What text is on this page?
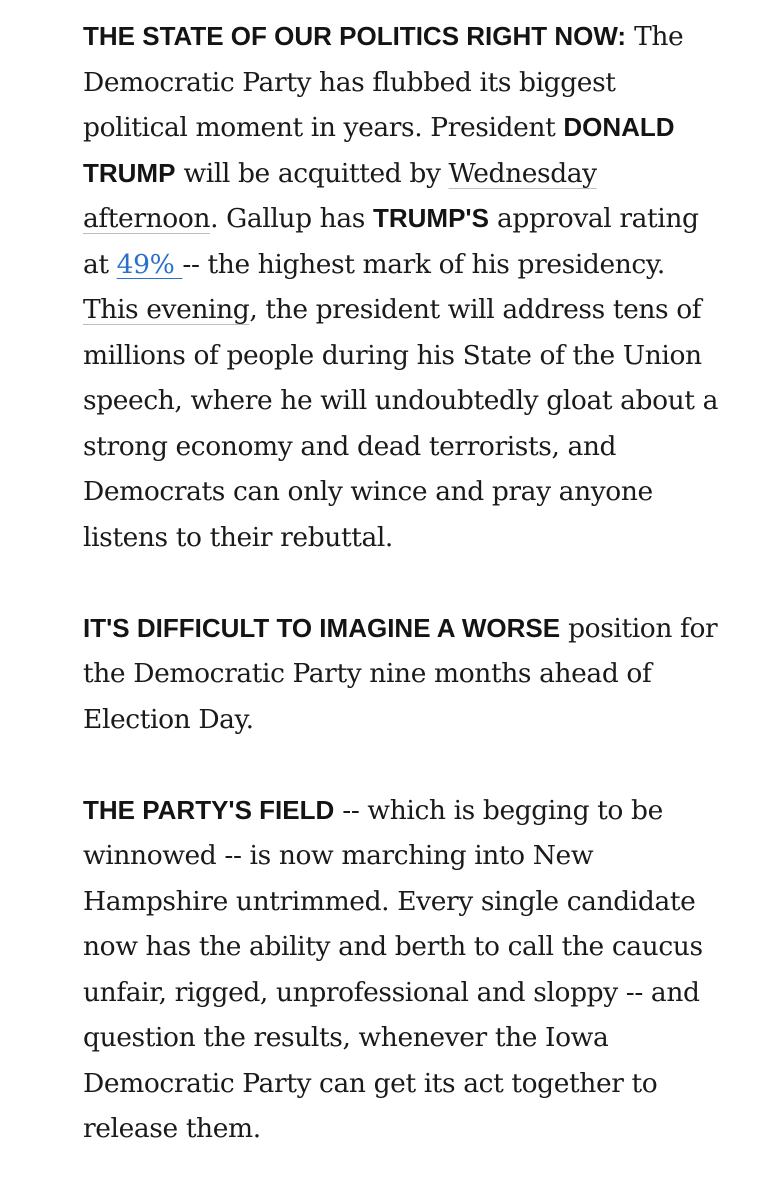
THE STATE OF OUR POLITICS RIGHT NOW: The Democratic Party has flubbed its biggest political moment in years. President DONALD TRUMP will be acquitted by Wednesday afternoon. Gallup has TRUMP'S approval rating at 49% -- the highest mark of his presidency. This evening, the president will address tens of millions of people during his State of the Union speech, where he will undoubtedly gloat about a strong economy and dead terrorists, and Democrats can only wince and pray anyone listens to their rebuttal.

IT'S DIFFICULT TO IMAGINE A WORSE position for the Democratic Party nine months ahead of Election Day.

THE PARTY'S FIELD -- which is begging to be winnowed -- is now marching into New Hampshire untrimmed. Every single candidate now has the ability and berth to call the caucus unfair, rigged, unprofessional and sloppy -- and question the results, whenever the Iowa Democratic Party can get its act together to release them.
